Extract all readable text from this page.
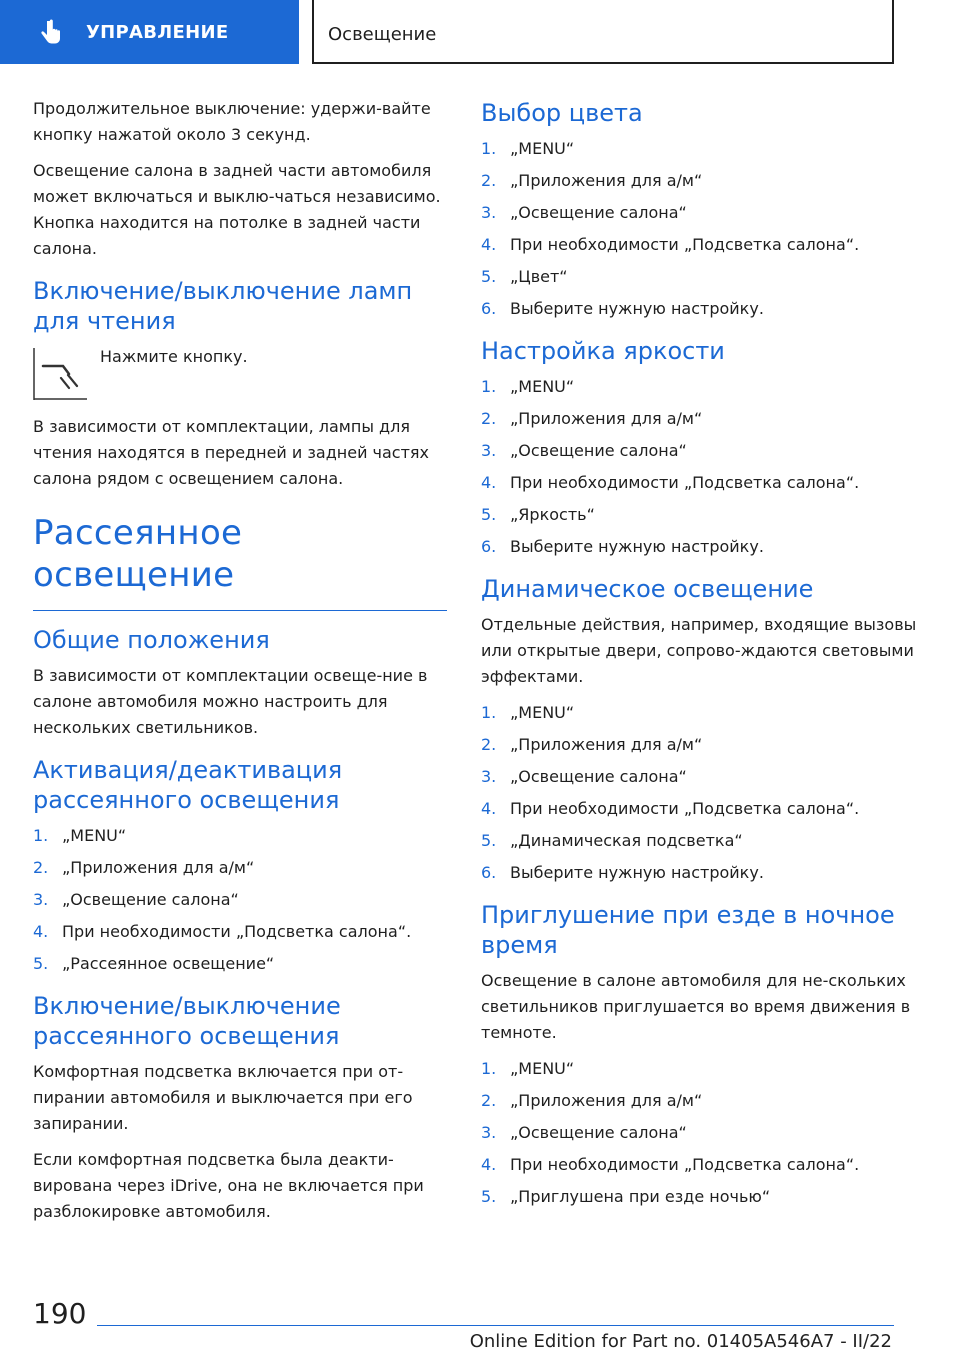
УПРАВЛЕНИЕ	Освещение

Продолжительное выключение: удержи-вайте кнопку нажатой около 3 секунд.

Освещение салона в задней части автомобиля может включаться и выклю-чаться независимо. Кнопка находится на потолке в задней части салона.

Включение/выключение ламп для чтения
Нажмите кнопку.

В зависимости от комплектации, лампы для чтения находятся в передней и задней частях салона рядом с освещением салона.

Рассеянное освещение
Общие положения

В зависимости от комплектации освеще-ние в салоне автомобиля можно настроить для нескольких светильников.

Активация/деактивация рассеянного освещения
1. „MENU“
2. „Приложения для а/м“
3. „Освещение салона“
4. При необходимости „Подсветка салона“.
5. „Рассеянное освещение“
Включение/выключение рассеянного освещения

Комфортная подсветка включается при от-пирании автомобиля и выключается при его запирании.

Если комфортная подсветка была деакти-вирована через iDrive, она не включается при разблокировке автомобиля.

Выбор цвета
1. „MENU“
2. „Приложения для а/м“
3. „Освещение салона“
4. При необходимости „Подсветка салона“.
5. „Цвет“
6. Выберите нужную настройку.
Настройка яркости
1. „MENU“
2. „Приложения для а/м“
3. „Освещение салона“
4. При необходимости „Подсветка салона“.
5. „Яркость“
6. Выберите нужную настройку.
Динамическое освещение

Отдельные действия, например, входящие вызовы или открытые двери, сопрово-ждаются световыми эффектами.

1. „MENU“
2. „Приложения для а/м“
3. „Освещение салона“
4. При необходимости „Подсветка салона“.
5. „Динамическая подсветка“
6. Выберите нужную настройку.
Приглушение при езде в ночное время

Освещение в салоне автомобиля для не-скольких светильников приглушается во время движения в темноте.

1. „MENU“
2. „Приложения для а/м“
3. „Освещение салона“
4. При необходимости „Подсветка салона“.
5. „Приглушена при езде ночью“
190
Online Edition for Part no. 01405A546A7 - II/22
